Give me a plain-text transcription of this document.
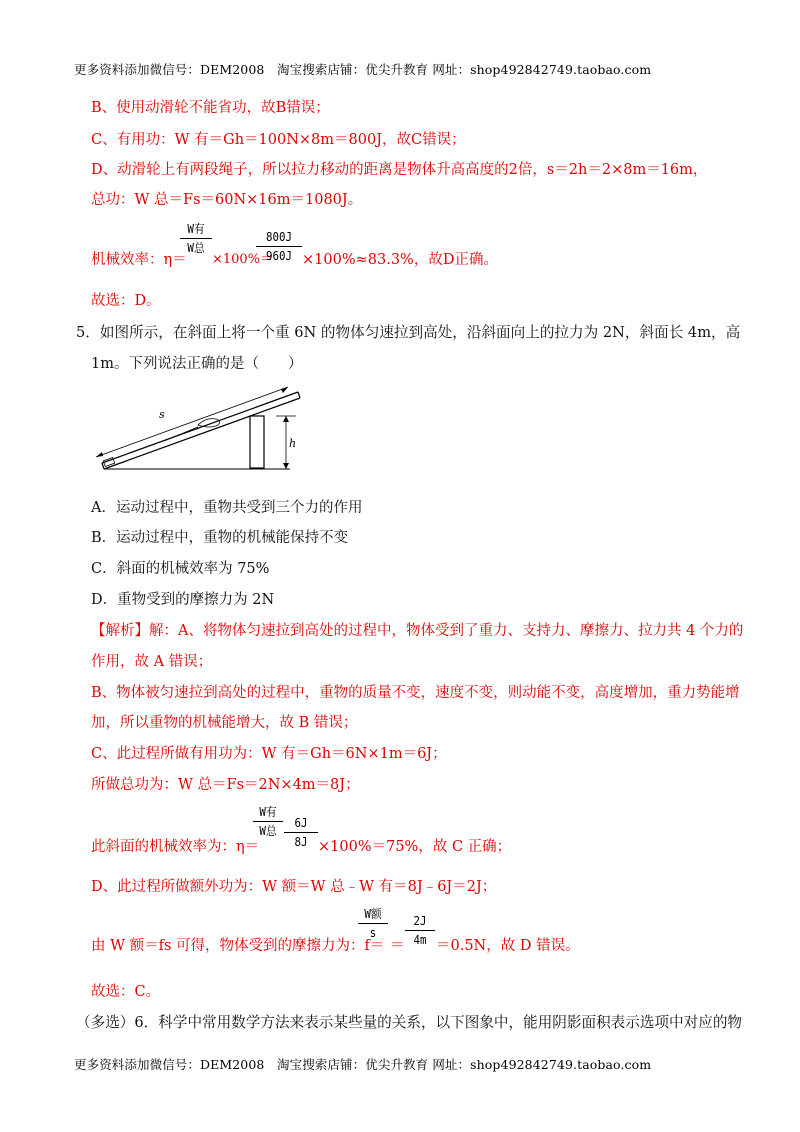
更多资料添加微信号：DEM2008　淘宝搜索店铺：优尖升教育 网址：shop492842749.taobao.com
B、使用动滑轮不能省功，故B错误；
C、有用功：W 有＝Gh＝100N×8m＝800J，故C错误；
D、动滑轮上有两段绳子，所以拉力移动的距离是物体升高高度的2倍，s＝2h＝2×8m＝16m，
总功：W 总＝Fs＝60N×16m＝1080J。
机械效率：η＝
W有
W总
×100%＝
800J
960J ×100%≈83.3%，故D正确。
故选：D。
5．如图所示，在斜面上将一个重 6N 的物体匀速拉到高处，沿斜面向上的拉力为 2N，斜面长 4m，高
1m。下列说法正确的是（　　）
s
h
A．运动过程中，重物共受到三个力的作用
B．运动过程中，重物的机械能保持不变
C．斜面的机械效率为 75%
D．重物受到的摩擦力为 2N
【解析】解：A、将物体匀速拉到高处的过程中，物体受到了重力、支持力、摩擦力、拉力共 4 个力的
作用，故 A 错误；
B、物体被匀速拉到高处的过程中，重物的质量不变，速度不变，则动能不变，高度增加，重力势能增
加，所以重物的机械能增大，故 B 错误；
C、此过程所做有用功为：W 有＝Gh＝6N×1m＝6J；
所做总功为：W 总＝Fs＝2N×4m＝8J；
此斜面的机械效率为：η＝
W有
W总
6J
8J ×100%＝75%，故 C 正确；
D、此过程所做额外功为：W 额＝W 总﹣W 有＝8J﹣6J＝2J；
由 W 额＝fs 可得，物体受到的摩擦力为：f＝
W额
s
＝
2J
4m ＝0.5N，故 D 错误。
故选：C。
（多选）6．科学中常用数学方法来表示某些量的关系，以下图象中，能用阴影面积表示选项中对应的物
更多资料添加微信号：DEM2008　淘宝搜索店铺：优尖升教育 网址：shop492842749.taobao.com
